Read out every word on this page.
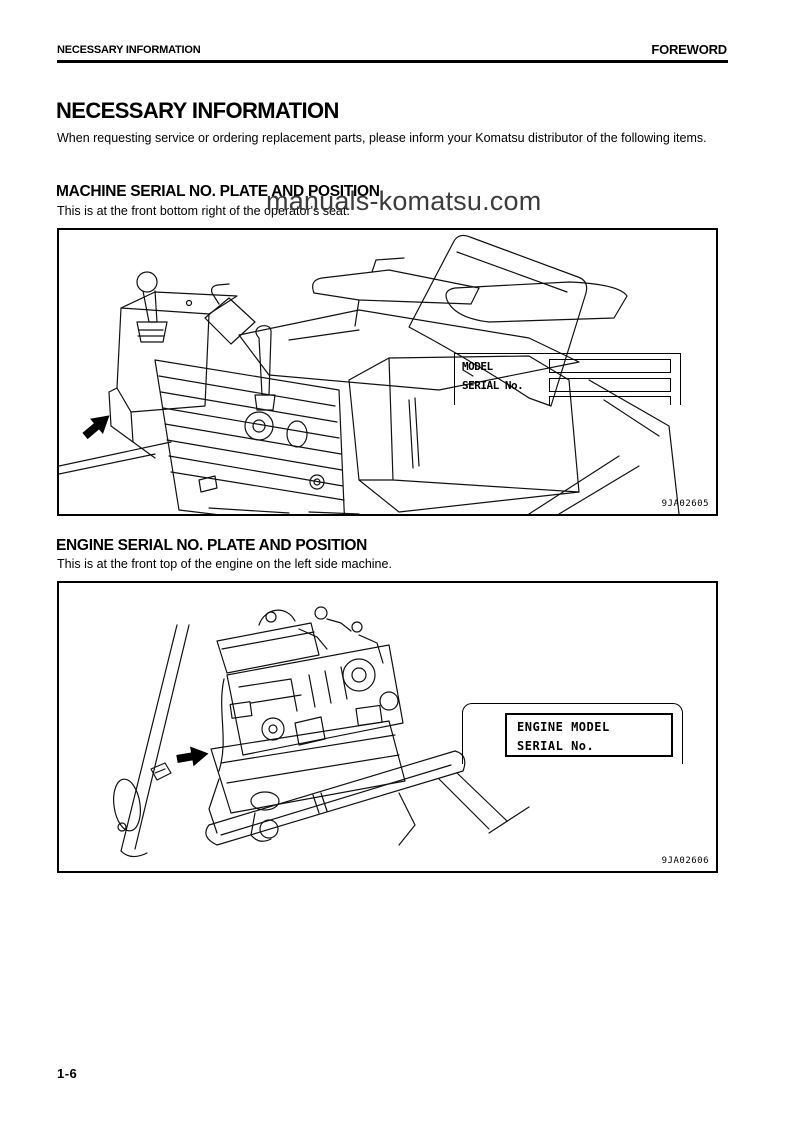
NECESSARY INFORMATION	FOREWORD
NECESSARY INFORMATION

When requesting service or ordering replacement parts, please inform your Komatsu distributor of the following items.

MACHINE SERIAL NO. PLATE AND POSITION

This is at the front bottom right of the operator's seat.

manuals-komatsu.com
MODEL
SERIAL No.
9JA02605
ENGINE SERIAL NO. PLATE AND POSITION

This is at the front top of the engine on the left side machine.

ENGINE MODEL
SERIAL No.
9JA02606
1-6
